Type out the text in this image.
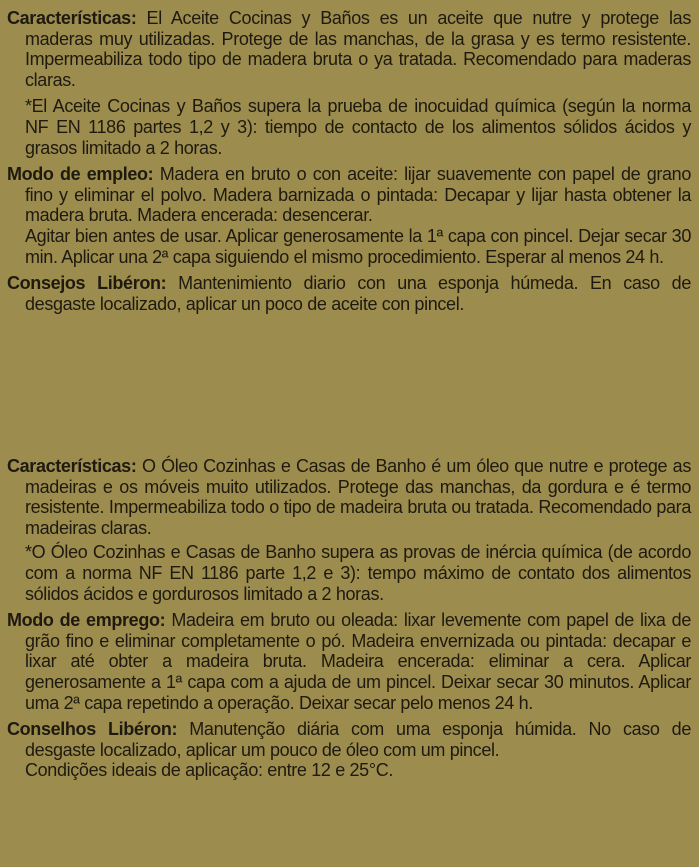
Características: El Aceite Cocinas y Baños es un aceite que nutre y protege las maderas muy utilizadas. Protege de las manchas, de la grasa y es termo resistente. Impermeabiliza todo tipo de madera bruta o ya tratada. Recomendado para maderas claras.

*El Aceite Cocinas y Baños supera la prueba de inocuidad química (según la norma NF EN 1186 partes 1,2 y 3): tiempo de contacto de los alimentos sólidos ácidos y grasos limitado a 2 horas.

Modo de empleo: Madera en bruto o con aceite: lijar suavemente con papel de grano fino y eliminar el polvo. Madera barnizada o pintada: Decapar y lijar hasta obtener la madera bruta. Madera encerada: desencerar.

Agitar bien antes de usar. Aplicar generosamente la 1ª capa con pincel. Dejar secar 30 min. Aplicar una 2ª capa siguiendo el mismo procedimiento. Esperar al menos 24 h.

Consejos Libéron: Mantenimiento diario con una esponja húmeda. En caso de desgaste localizado, aplicar un poco de aceite con pincel.

Características: O Óleo Cozinhas e Casas de Banho é um óleo que nutre e protege as madeiras e os móveis muito utilizados. Protege das manchas, da gordura e é termo resistente. Impermeabiliza todo o tipo de madeira bruta ou tratada. Recomendado para madeiras claras.

*O Óleo Cozinhas e Casas de Banho supera as provas de inércia química (de acordo com a norma NF EN 1186 parte 1,2 e 3): tempo máximo de contato dos alimentos sólidos ácidos e gordurosos limitado a 2 horas.

Modo de emprego: Madeira em bruto ou oleada: lixar levemente com papel de lixa de grão fino e eliminar completamente o pó. Madeira envernizada ou pintada: decapar e lixar até obter a madeira bruta. Madeira encerada: eliminar a cera. Aplicar generosamente a 1ª capa com a ajuda de um pincel. Deixar secar 30 minutos. Aplicar uma 2ª capa repetindo a operação. Deixar secar pelo menos 24 h.

Conselhos Libéron: Manutenção diária com uma esponja húmida. No caso de desgaste localizado, aplicar um pouco de óleo com um pincel.

Condições ideais de aplicação: entre 12 e 25°C.
